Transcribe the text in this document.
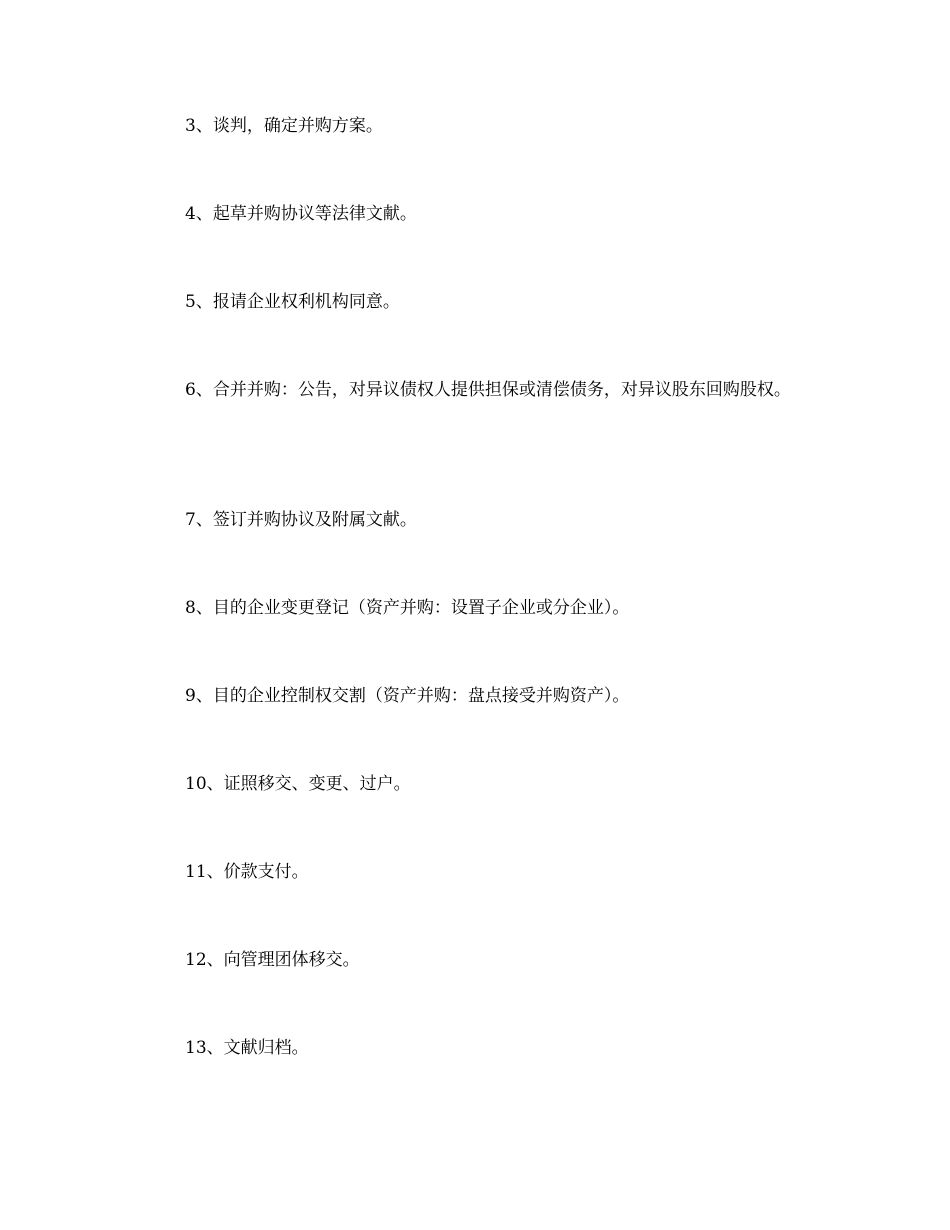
3、谈判，确定并购方案。

4、起草并购协议等法律文献。

5、报请企业权利机构同意。

6、合并并购：公告，对异议债权人提供担保或清偿债务，对异议股东回购股权。

7、签订并购协议及附属文献。

8、目的企业变更登记（资产并购：设置子企业或分企业）。

9、目的企业控制权交割（资产并购：盘点接受并购资产）。

10、证照移交、变更、过户。

11、价款支付。

12、向管理团体移交。

13、文献归档。
